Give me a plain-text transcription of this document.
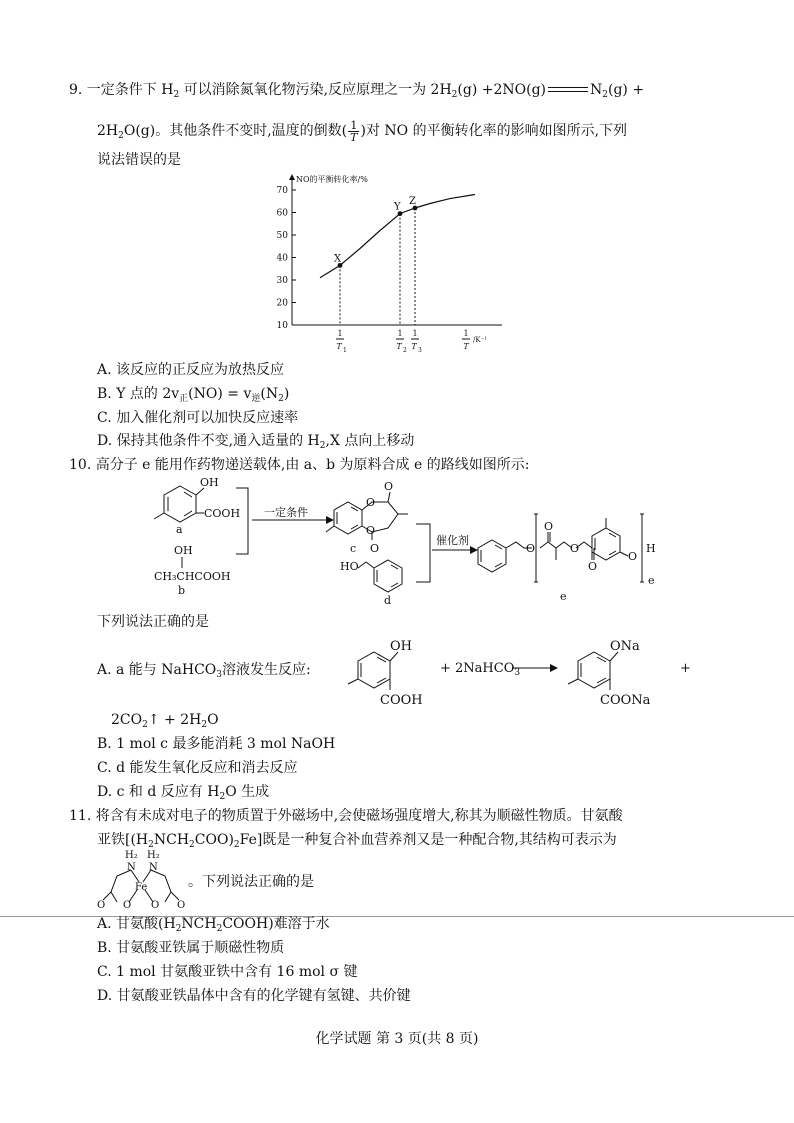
9. 一定条件下 $H_2$ 可以消除氮氧化物污染,反应原理之一为 $2H_2(g) +2NO(g)$	$N_2(g)$ +
$2H_2O(g)$。其他条件不变时,温度的倒数( $\frac{1}{T}$ )对 NO 的平衡转化率的影响如图所示,下列
说法错误的是
NO的平衡转化率/%
10
20
30
40
50
60
70
X
1
T 1
Y
1
T 2
Z
1
T 3
1
T
/K⁻¹
A. 该反应的正反应为放热反应
B. Y 点的 $2v_正(NO) = v_逆(N_2)$
C. 加入催化剂可以加快反应速率
D. 保持其他条件不变,通入适量的 $H_2,X$ 点向上移动
10. 高分子 e 能用作药物递送载体,由 a、b 为原料合成 e 的路线如图所示:
OH
COOH
a
OH
CH₃CHCOOH
b
一定条件
O
O
O
c O
HO
d
催化剂
O
O
O
O
O
H
e
e
下列说法正确的是
A. a 能与 NaHCO$_3$溶液发生反应:
OH
COOH
+ 2NaHCO$_3$
ONa
COONa
+
$2CO_2↑ + 2H_2O$
B. 1 mol c 最多能消耗 3 mol NaOH
C. d 能发生氧化反应和消去反应
D. c 和 d 反应有 $H_2O$ 生成
11. 将含有未成对电子的物质置于外磁场中,会使磁场强度增大,称其为顺磁性物质。甘氨酸
亚铁$[(H_2NCH_2COO)_2Fe]$既是一种复合补血营养剂又是一种配合物,其结构可表示为
H₂ H₂
N N
Fe
O O
O	O
。下列说法正确的是
A. 甘氨酸$(H_2NCH_2COOH)$难溶于水
B. 甘氨酸亚铁属于顺磁性物质
C. 1 mol 甘氨酸亚铁中含有 16 mol σ 键
D. 甘氨酸亚铁晶体中含有的化学键有氢键、共价键
化学试题 第 3 页(共 8 页)
